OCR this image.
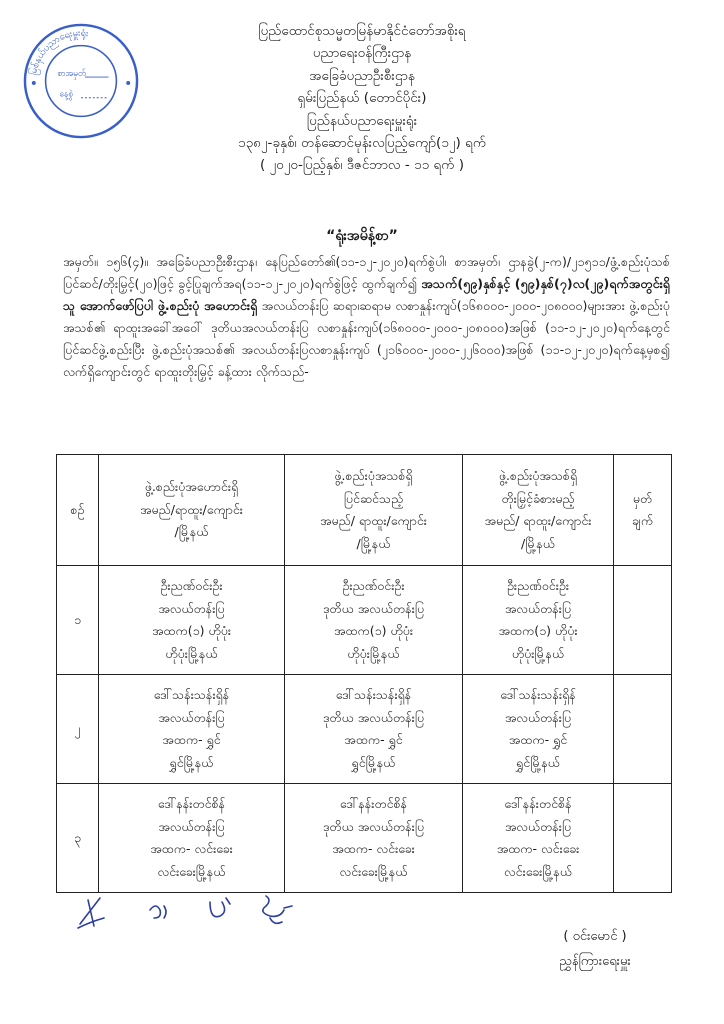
မြစ်နှယ်ပညာရေးမှူးရုံး
စာအမှတ်
နေ့စွဲ
ပြည်ထောင်စုသမ္မတမြန်မာနိုင်ငံတော်အစိုးရ
ပညာရေးဝန်ကြီးဌာန
အခြေခံပညာဦးစီးဌာန
ရှမ်းပြည်နယ် (တောင်ပိုင်း)
ပြည်နယ်ပညာရေးမှူးရုံး
၁၃၈၂-ခုနှစ်၊ တန်ဆောင်မုန်းလပြည့်ကျော်(၁၂) ရက်
( ၂၀၂၀-ပြည့်နှစ်၊ ဒီဇင်ဘာလ - ၁၁ ရက် )
“ရုံးအမိန့်စာ”
အမှတ်။ ၁၅၆(၄)။ အခြေခံပညာဦးစီးဌာန၊ နေပြည်တော်၏(၁၁-၁၂-၂၀၂၀)ရက်စွဲပါ၊ စာအမှတ်၊ ဌာနခွဲ(၂-က)/၂၁၅၁၁/ဖွံ့.စည်းပုံသစ်ပြင်ဆင်/တိုးမြှင့်(၂၀)ဖြင့် ခွင့်ပြုချက်အရ(၁၁-၁၂-၂၀၂၀)ရက်စွဲဖြင့် ထွက်ချက်၍ အသက်(၅၉)နှစ်နှင့် (၅၉)နှစ်(၇)လ(၂၉)ရက်အတွင်းရှိသူ အောက်ဖော်ပြပါ ဖွဲ့.စည်းပုံ အဟောင်းရှိ အလယ်တန်းပြ ဆရာ၊ဆရာမ လစာနှုန်းကျပ်(၁၆၈၀၀၀-၂၀၀၀-၂၀၈၀၀၀)များအား ဖွဲ့.စည်းပုံအသစ်၏ ရာထူးအခေါ်အဝေါ် ဒုတိယအလယ်တန်းပြ လစာနှုန်းကျပ်(၁၆၈၀၀၀-၂၀၀၀-၂၀၈၀၀၀)အဖြစ် (၁၁-၁၂-၂၀၂၀)ရက်နေ့တွင် ပြင်ဆင်ဖွဲ့.စည်းပြီး ဖွဲ့.စည်းပုံအသစ်၏ အလယ်တန်းပြလစာနှုန်းကျပ် (၂၁၆၀၀၀-၂၀၀၀-၂၂၆၀၀၀)အဖြစ် (၁၁-၁၂-၂၀၂၀)ရက်နေ့မှစ၍ လက်ရှိကျောင်းတွင် ရာထူးတိုးမြှင့် ခန့်ထား လိုက်သည်-
စဉ်	ဖွဲ့.စည်းပုံအဟောင်းရှိ
အမည်/ရာထူး/ကျောင်း
/မြို့နယ်	ဖွဲ့.စည်းပုံအသစ်ရှိ
ပြင်ဆင်သည့်
အမည်/ ရာထူး/ကျောင်း
/မြို့နယ်	ဖွဲ့.စည်းပုံအသစ်ရှိ
တိုးမြှင့်ခံစားမည့်
အမည်/ ရာထူး/ကျောင်း
/မြို့နယ်	မှတ်
ချက်

၁	ဦးညဏ်ဝင်းဦး
အလယ်တန်းပြ
အထက(၁) ဟိုပုံး
ဟိုပုံးမြို့နယ်	ဦးညဏ်ဝင်းဦး
ဒုတိယ အလယ်တန်းပြ
အထက(၁) ဟိုပုံး
ဟိုပုံးမြို့နယ်	ဦးညဏ်ဝင်းဦး
အလယ်တန်းပြ
အထက(၁) ဟိုပုံး
ဟိုပုံးမြို့နယ်	

၂	ဒေါ်သန်းသန်းရှိန်
အလယ်တန်းပြ
အထက- ရွှင်
ရွှင်မြို့နယ်	ဒေါ်သန်းသန်းရှိန်
ဒုတိယ အလယ်တန်းပြ
အထက- ရွှင်
ရွှင်မြို့နယ်	ဒေါ်သန်းသန်းရှိန်
အလယ်တန်းပြ
အထက- ရွှင်
ရွှင်မြို့နယ်	

၃	ဒေါ်နန်းတင်စိန်
အလယ်တန်းပြ
အထက- လင်းခေး
လင်းခေးမြို့နယ်	ဒေါ်နန်းတင်စိန်
ဒုတိယ အလယ်တန်းပြ
အထက- လင်းခေး
လင်းခေးမြို့နယ်	ဒေါ်နန်းတင်စိန်
အလယ်တန်းပြ
အထက- လင်းခေး
လင်းခေးမြို့နယ်	

( ဝင်းမောင် )
ညွှန်ကြားရေးမှူး
